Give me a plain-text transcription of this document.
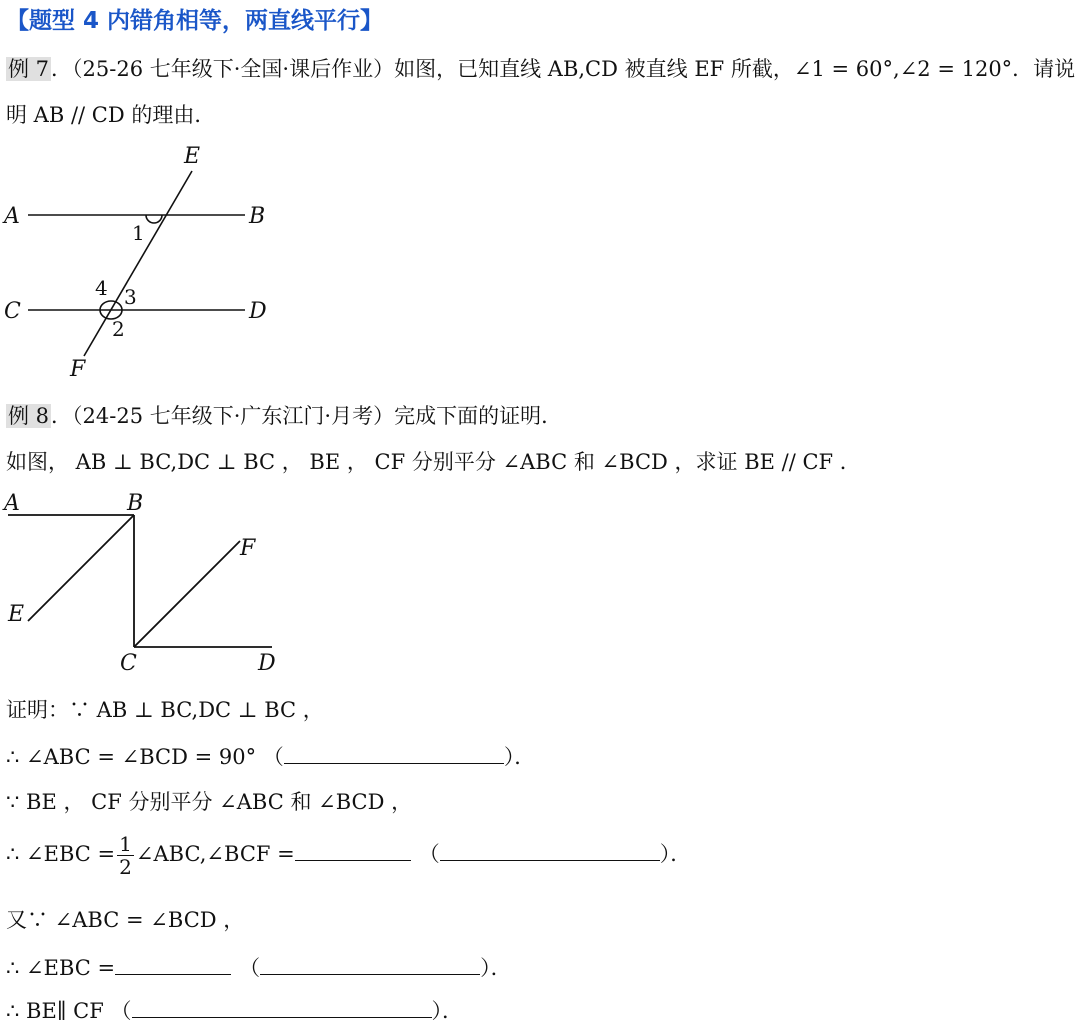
【题型 4 内错角相等，两直线平行】
例 7．（25-26 七年级下·全国·课后作业）如图，已知直线 AB,CD 被直线 EF 所截，∠1 = 60°,∠2 = 120°．请说
明 AB // CD 的理由．
A	B
C	D
E
F
1
2
3
4
例 8．（24-25 七年级下·广东江门·月考）完成下面的证明．
如图， AB ⊥ BC,DC ⊥ BC ， BE ， CF 分别平分 ∠ABC 和 ∠BCD ，求证 BE // CF ．
A	B
C	D
E
F
证明：∵ AB ⊥ BC,DC ⊥ BC ，
∴ ∠ABC = ∠BCD = 90° （	）．
∵ BE ， CF 分别平分 ∠ABC 和 ∠BCD ，
∴ ∠EBC = $\frac{1}{2}$ ∠ABC,∠BCF =	（	）．
又∵ ∠ABC = ∠BCD ，
∴ ∠EBC =	（	）．
∴ BE∥ CF （	）．
